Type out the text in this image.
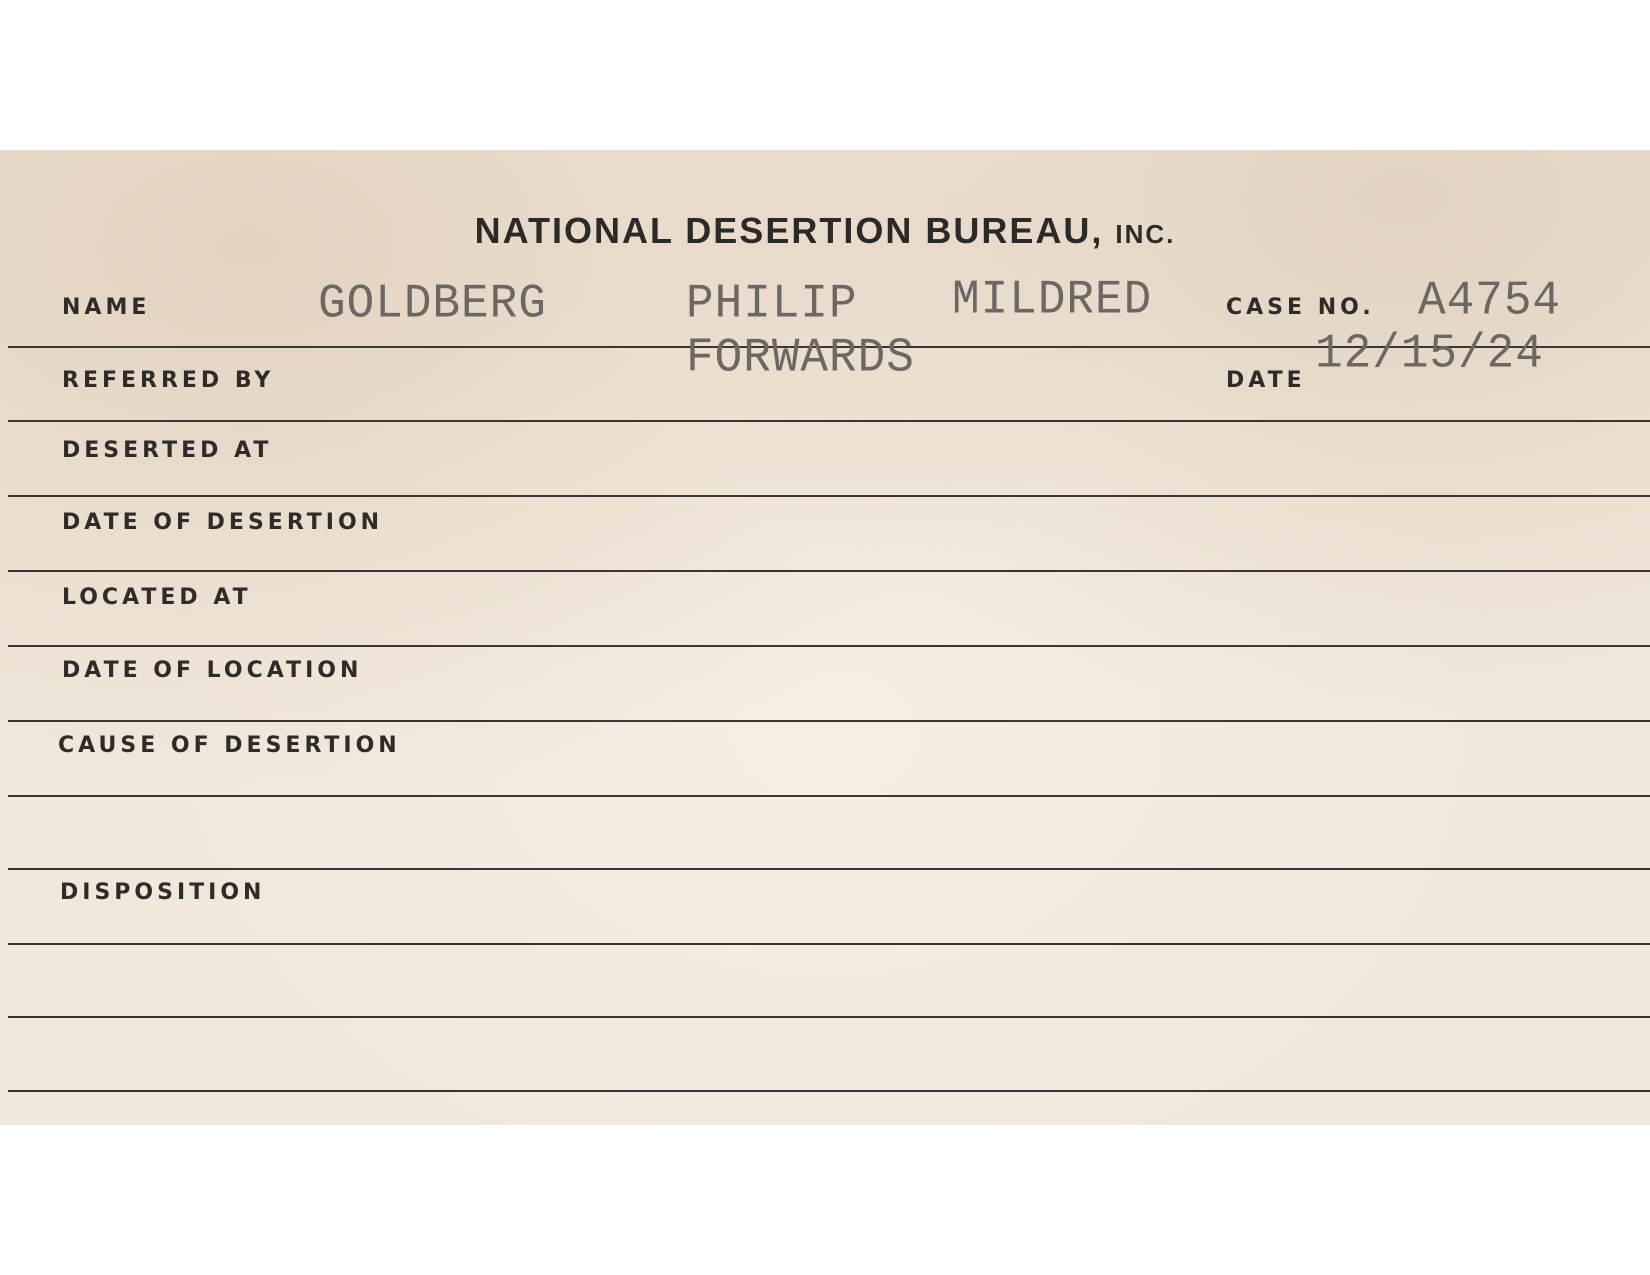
NATIONAL DESERTION BUREAU, INC.
NAME	GOLDBERG	PHILIP MILDRED	CASE NO. A4754
REFERRED BY	FORWARDS	DATE 12/15/24
DESERTED AT
DATE OF DESERTION
LOCATED AT
DATE OF LOCATION
CAUSE OF DESERTION
DISPOSITION
